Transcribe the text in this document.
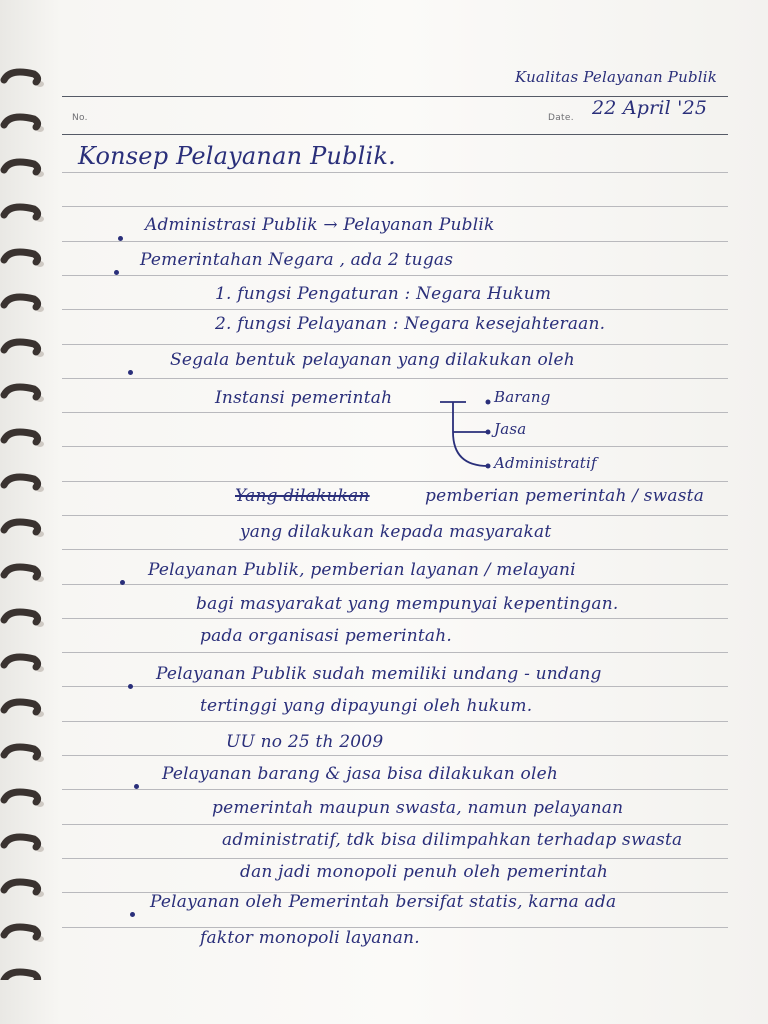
No.	Date.
Kualitas Pelayanan Publik
22 April '25
Konsep Pelayanan Publik.
Administrasi Publik → Pelayanan Publik
Pemerintahan Negara , ada 2 tugas
1. fungsi Pengaturan : Negara Hukum
2. fungsi Pelayanan : Negara kesejahteraan.
Segala bentuk pelayanan yang dilakukan oleh
Instansi pemerintah	Barang
Jasa
Administratif
Yang dilakukan	pemberian pemerintah / swasta
yang dilakukan kepada masyarakat
Pelayanan Publik, pemberian layanan / melayani
bagi masyarakat yang mempunyai kepentingan.
pada organisasi pemerintah.
Pelayanan Publik sudah memiliki undang - undang
tertinggi yang dipayungi oleh hukum.
UU no 25 th 2009
Pelayanan barang & jasa bisa dilakukan oleh
pemerintah maupun swasta, namun pelayanan
administratif, tdk bisa dilimpahkan terhadap swasta
dan jadi monopoli penuh oleh pemerintah
Pelayanan oleh Pemerintah bersifat statis, karna ada
faktor monopoli layanan.
